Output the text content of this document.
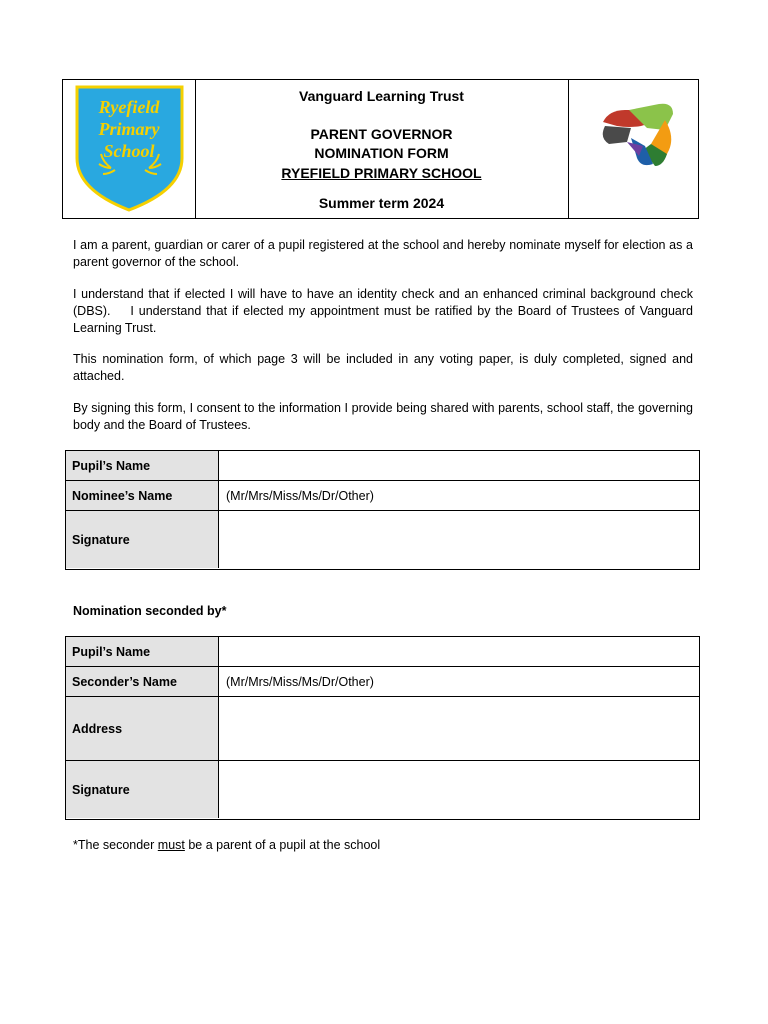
Ryefield
Primary
School
Vanguard Learning Trust
PARENT GOVERNOR
NOMINATION FORM
RYEFIELD PRIMARY SCHOOL
Summer term 2024

I am a parent, guardian or carer of a pupil registered at the school and hereby nominate myself for election as a parent governor of the school.

I understand that if elected I will have to have an identity check and an enhanced criminal background check (DBS).    I understand that if elected my appointment must be ratified by the Board of Trustees of Vanguard Learning Trust.

This nomination form, of which page 3 will be included in any voting paper, is duly completed, signed and attached.

By signing this form, I consent to the information I provide being shared with parents, school staff, the governing body and the Board of Trustees.

Pupil’s Name
Nominee’s Name	(Mr/Mrs/Miss/Ms/Dr/Other)
Signature
Nomination seconded by*
Pupil’s Name
Seconder’s Name	(Mr/Mrs/Miss/Ms/Dr/Other)
Address
Signature
*The seconder must be a parent of a pupil at the school
